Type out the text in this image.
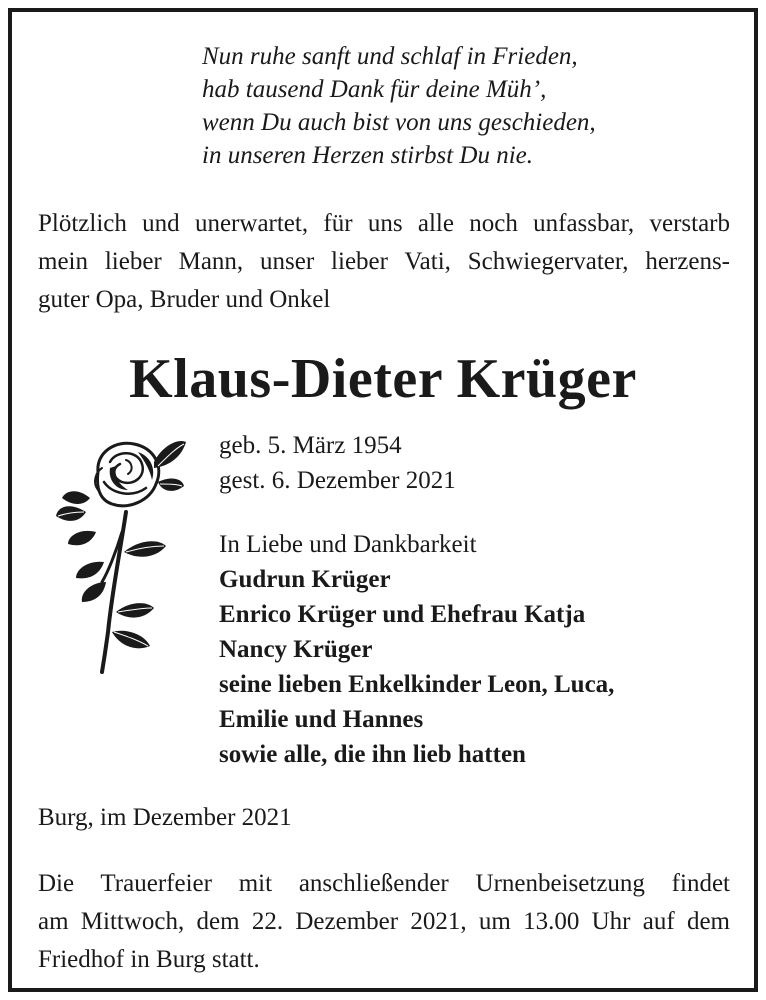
Nun ruhe sanft und schlaf in Frieden,
hab tausend Dank für deine Müh’,
wenn Du auch bist von uns geschieden,
in unseren Herzen stirbst Du nie.
Plötzlich und unerwartet, für uns alle noch unfassbar, verstarb
mein lieber Mann, unser lieber Vati, Schwiegervater, herzens-
guter Opa, Bruder und Onkel
Klaus-Dieter Krüger
geb. 5. März 1954
gest. 6. Dezember 2021
In Liebe und Dankbarkeit
Gudrun Krüger
Enrico Krüger und Ehefrau Katja
Nancy Krüger
seine lieben Enkelkinder Leon, Luca,
Emilie und Hannes
sowie alle, die ihn lieb hatten
Burg, im Dezember 2021
Die Trauerfeier mit anschließender Urnenbeisetzung findet
am Mittwoch, dem 22. Dezember 2021, um 13.00 Uhr auf dem
Friedhof in Burg statt.
